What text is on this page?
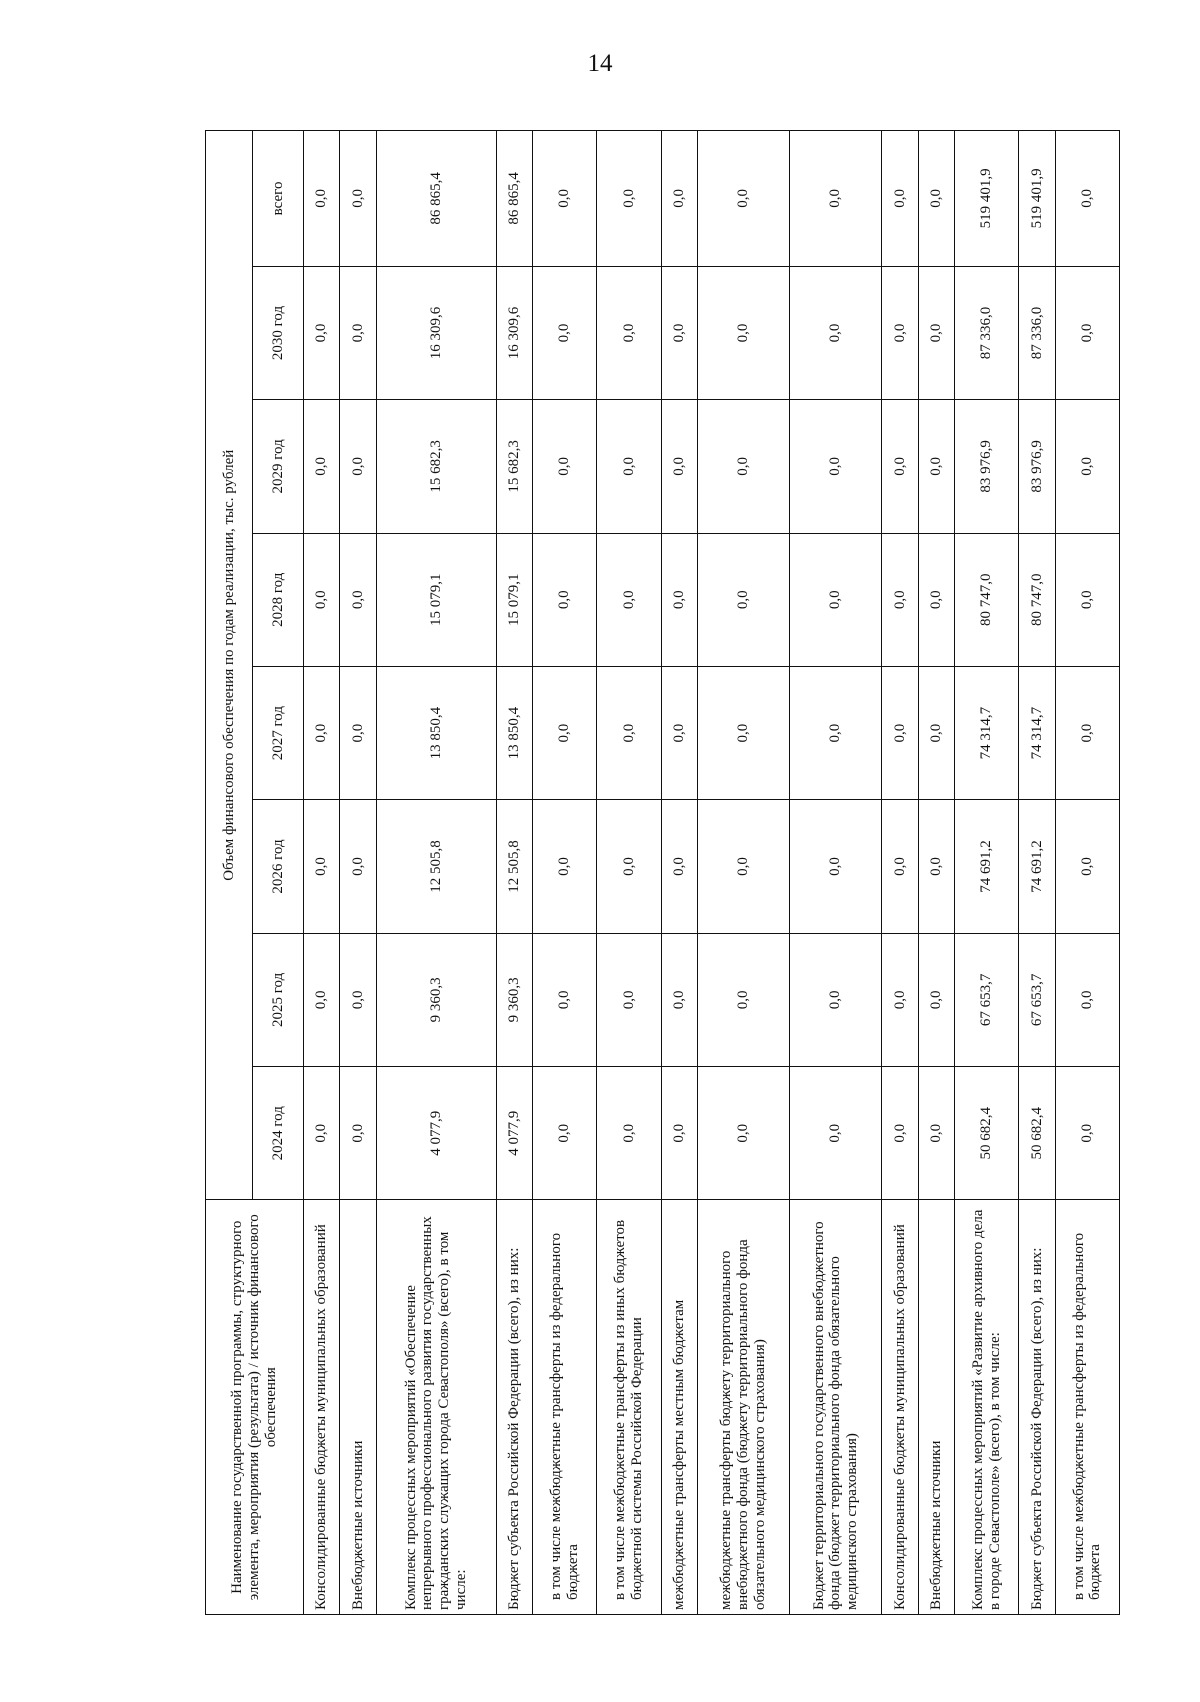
14
Наименование государственной программы, структурного элемента, мероприятия (результата) / источник финансового обеспечения	Объем финансового обеспечения по годам реализации, тыс. рублей							
	2024 год	2025 год	2026 год	2027 год	2028 год	2029 год	2030 год	всего
Консолидированные бюджеты муниципальных образований	0,0	0,0	0,0	0,0	0,0	0,0	0,0	0,0
Внебюджетные источники	0,0	0,0	0,0	0,0	0,0	0,0	0,0	0,0
Комплекс процессных мероприятий «Обеспечение непрерывного профессионального развития государственных гражданских служащих города Севастополя» (всего), в том числе:	4 077,9	9 360,3	12 505,8	13 850,4	15 079,1	15 682,3	16 309,6	86 865,4
Бюджет субъекта Российской Федерации (всего), из них:	4 077,9	9 360,3	12 505,8	13 850,4	15 079,1	15 682,3	16 309,6	86 865,4
в том числе межбюджетные трансферты из федерального бюджета	0,0	0,0	0,0	0,0	0,0	0,0	0,0	0,0
в том числе межбюджетные трансферты из иных бюджетов бюджетной системы Российской Федерации	0,0	0,0	0,0	0,0	0,0	0,0	0,0	0,0
межбюджетные трансферты местным бюджетам	0,0	0,0	0,0	0,0	0,0	0,0	0,0	0,0
межбюджетные трансферты бюджету территориального внебюджетного фонда (бюджету территориального фонда обязательного медицинского страхования)	0,0	0,0	0,0	0,0	0,0	0,0	0,0	0,0
Бюджет территориального государственного внебюджетного фонда (бюджет территориального фонда обязательного медицинского страхования)	0,0	0,0	0,0	0,0	0,0	0,0	0,0	0,0
Консолидированные бюджеты муниципальных образований	0,0	0,0	0,0	0,0	0,0	0,0	0,0	0,0
Внебюджетные источники	0,0	0,0	0,0	0,0	0,0	0,0	0,0	0,0
Комплекс процессных мероприятий «Развитие архивного дела в городе Севастополе» (всего), в том числе:	50 682,4	67 653,7	74 691,2	74 314,7	80 747,0	83 976,9	87 336,0	519 401,9
Бюджет субъекта Российской Федерации (всего), из них:	50 682,4	67 653,7	74 691,2	74 314,7	80 747,0	83 976,9	87 336,0	519 401,9
в том числе межбюджетные трансферты из федерального бюджета	0,0	0,0	0,0	0,0	0,0	0,0	0,0	0,0
